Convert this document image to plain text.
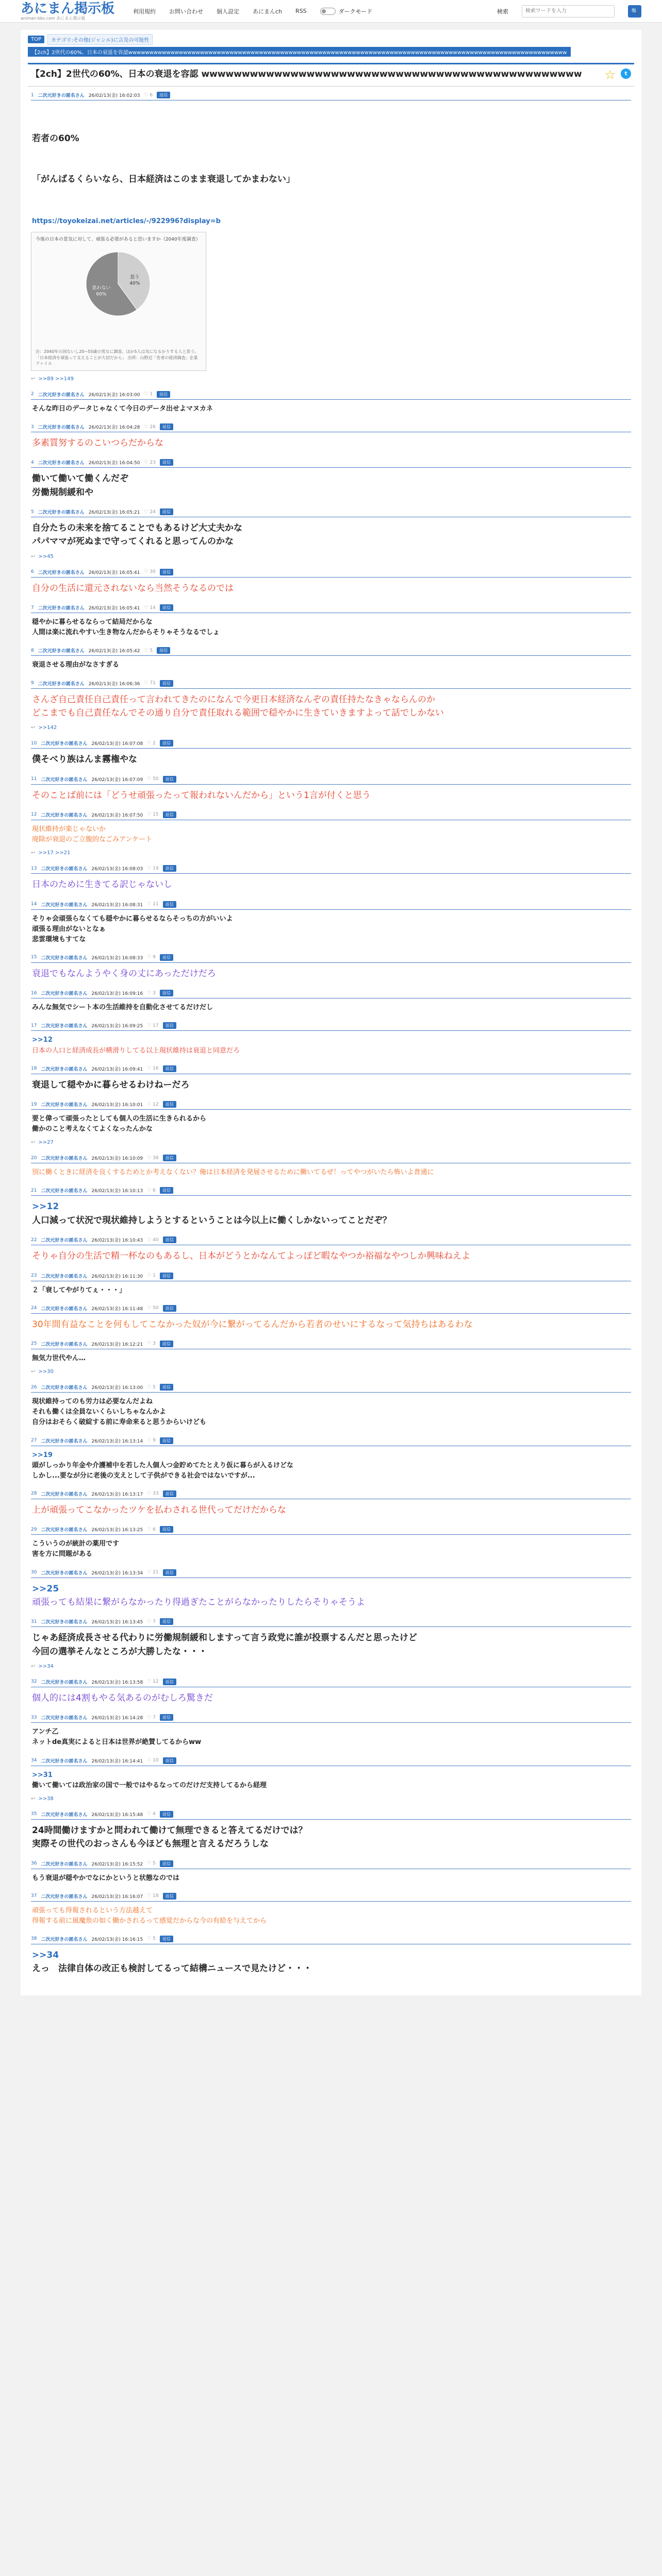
あにまん掲示板
animan-bbs.com あにまん掲示板
利用規約 お問い合わせ 個人設定 あにまんch RSS	ダークモード	検索
検索ワードを入力	🔍
TOP	カテゴリ:その他(ジャンル)に言及の可能性
【2ch】2世代の60%、日本の衰退を容認wwwwwwwwwwwwwwwwwwwwwwwwwwwwwwwwwwwwwwwwwwwwwwwwwwwwwwwwwwwwwwwwwwwwwwwwwwwwwwwwwwwwwwwwwwwwwwwwwwwwwwww
【2ch】2世代の60%、日本の衰退を容認 wwwwwwwwwwwwwwwwwwwwwwwwwwwwwwwwwwwwwwwwwwwwwww	☆	t
1 二次元好きの匿名さん 26/02/13(金) 16:02:03 ♡ 6	返信

若者の60%

「がんばるくらいなら、日本経済はこのまま衰退してかまわない」

https://toyokeizai.net/articles/-/922996?display=b
今後の日本の景気に対して、頑張る必要があると思いますか（2040年度調査）
思う
40%
思わない
60%
注：2040年の国ないし20~55歳の男女に調査。ほか5人は気になるかりする人と思う。「日本経済を頑張って支えることが大切だから」 出所：山野辺「若者の経済調査」企業ファイル
↩ >>89 >>149
2 二次元好きの匿名さん 26/02/13(金) 16:03:00 ♡ 1	返信
そんな昨日のデータじゃなくて今日のデータ出せよマヌカネ
3 二次元好きの匿名さん 26/02/13(金) 16:04:28 ♡ 26	返信
多素質努するのこいつらだからな
4 二次元好きの匿名さん 26/02/13(金) 16:04:50 ♡ 23	返信
働いて働いて働くんだぞ
労働規制緩和や
5 二次元好きの匿名さん 26/02/13(金) 16:05:21 ♡ 24	返信
自分たちの未来を捨てることでもあるけど大丈夫かな
パパママが死ぬまで守ってくれると思ってんのかな
↩ >>45
6 二次元好きの匿名さん 26/02/13(金) 16:05:41 ♡ 30	返信
自分の生活に還元されないなら当然そうなるのでは
7 二次元好きの匿名さん 26/02/13(金) 16:05:41 ♡ 14	返信
穏やかに暮らせるならって結局だからな
人間は楽に流れやすい生き物なんだからそりゃそうなるでしょ
8 二次元好きの匿名さん 26/02/13(金) 16:05:42 ♡ 5	返信
衰退させる理由がなさすぎる
9 二次元好きの匿名さん 26/02/13(金) 16:06:36 ♡ 71	返信
さんざ自己責任自己責任って言われてきたのになんで今更日本経済なんぞの責任持たなきゃならんのか
どこまでも自己責任なんでその通り自分で責任取れる範囲で穏やかに生きていきますよって話でしかない
↩ >>142
10 二次元好きの匿名さん 26/02/13(金) 16:07:08 ♡ 2	返信
僕そべり族はんま霧権やな
11 二次元好きの匿名さん 26/02/13(金) 16:07:09 ♡ 50	返信
そのことば前には「どうせ頑張ったって報われないんだから」という1言が付くと思う
12 二次元好きの匿名さん 26/02/13(金) 16:07:50 ♡ 15	返信
現状維持が楽じゃないか
廃除が衰退のご立腹的なごみアンケート
↩ >>17 >>21
13 二次元好きの匿名さん 26/02/13(金) 16:08:03 ♡ 19	返信
日本のために生きてる訳じゃないし
14 二次元好きの匿名さん 26/02/13(金) 16:08:31 ♡ 11	返信
そりゃ会頑張らなくても穏やかに暮らせるならそっちの方がいいよ
頑張る理由がないとなぁ
悲雲環境もすてな
15 二次元好きの匿名さん 26/02/13(金) 16:08:33 ♡ 9	返信
衰退でもなんようやく身の丈にあっただけだろ
16 二次元好きの匿名さん 26/02/13(金) 16:09:16 ♡ 3	返信
みんな無気でシート本の生活維持を自動化させてるだけだし
17 二次元好きの匿名さん 26/02/13(金) 16:09:25 ♡ 17	返信
>>12
日本の人口と経済成長が横滑りしてる以上現状維持は衰退と同意だろ
18 二次元好きの匿名さん 26/02/13(金) 16:09:41 ♡ 16	返信
衰退して穏やかに暮らせるわけねーだろ
19 二次元好きの匿名さん 26/02/13(金) 16:10:01 ♡ 12	返信
要と偉って頑張ったとしても個人の生活に生きられるから
働かのこと考えなくてよくなったんかな
↩ >>27
20 二次元好きの匿名さん 26/02/13(金) 16:10:09 ♡ 38	返信
別に働くときに経済を良くするためとか考えなくない？俺は日本経済を発展させるために働いてるぜ！ってやつがいたら怖いよ普通に
21 二次元好きの匿名さん 26/02/13(金) 16:10:13 ♡ 6	返信
>>12
人口減って状況で現状維持しようとするということは今以上に働くしかないってことだぞ？
22 二次元好きの匿名さん 26/02/13(金) 16:10:43 ♡ 40	返信
そりゃ自分の生活で精一杯なのもあるし、日本がどうとかなんてよっぽど暇なやつか裕福なやつしか興味ねえよ
23 二次元好きの匿名さん 26/02/13(金) 16:11:30 ♡ 1	返信
２「衰してやがりてぇ・・・」
24 二次元好きの匿名さん 26/02/13(金) 16:11:48 ♡ 50	返信
30年間有益なことを何もしてこなかった奴が今に繋がってるんだから若者のせいにするなって気持ちはあるわな
25 二次元好きの匿名さん 26/02/13(金) 16:12:21 ♡ 3	返信
無気力世代やん…
↩ >>30
26 二次元好きの匿名さん 26/02/13(金) 16:13:00 ♡ 5	返信
現状維持ってのも労力は必要なんだよね
それも働くは全員ないくらいしちゃなんかよ
自分はおそらく破綻する前に寿命来ると思うからいけども
27 二次元好きの匿名さん 26/02/13(金) 16:13:14 ♡ 9	返信
>>19
頭がしっかり年金や介護補中を若した人個人つ金貯めてたとえり仮に暮らが入るけどな
しかし...要なが分に老後の支えとして子供ができる社会ではないですが...
28 二次元好きの匿名さん 26/02/13(金) 16:13:17 ♡ 33	返信
上が頑張ってこなかったツケを払わされる世代ってだけだからな
29 二次元好きの匿名さん 26/02/13(金) 16:13:25 ♡ 6	返信
こういうのが統計の薬用です
害を方に問題がある
30 二次元好きの匿名さん 26/02/13(金) 16:13:34 ♡ 21	返信
>>25
頑張っても結果に繋がらなかったり得過ぎたことがらなかったりしたらそりゃそうよ
31 二次元好きの匿名さん 26/02/13(金) 16:13:45 ♡ 7	返信
じゃあ経済成長させる代わりに労働規制緩和しますって言う政党に誰が投票するんだと思ったけど
今回の選挙そんなところが大勝したな・・・
↩ >>34
32 二次元好きの匿名さん 26/02/13(金) 16:13:58 ♡ 12	返信
個人的には4割もやる気あるのがむしろ驚きだ
33 二次元好きの匿名さん 26/02/13(金) 16:14:28 ♡ 7	返信
アンチ乙
ネットde真実によると日本は世界が絶賛してるからww
34 二次元好きの匿名さん 26/02/13(金) 16:14:41 ♡ 10	返信
>>31
働いて働いては政治家の国で一般ではやるなってのだけだ支持してるから経理
↩ >>38
35 二次元好きの匿名さん 26/02/13(金) 16:15:48 ♡ 4	返信
24時間働けますかと問われて働けて無理できると答えてるだけでは？
実際その世代のおっさんも今ほども無理と言えるだろうしな
36 二次元好きの匿名さん 26/02/13(金) 16:15:52 ♡ 5	返信
もう衰退が穏やかでなにかというと状態なのでは
37 二次元好きの匿名さん 26/02/13(金) 16:16:07 ♡ 18	返信
頑張っても得報されるという方法越えて
得報する前に風魔魚の如く働かされるって感覚だからな今の有給を与えてから
38 二次元好きの匿名さん 26/02/13(金) 16:16:15 ♡ 5	返信
>>34
えっ　法律自体の改正も検討してるって結構ニュースで見たけど・・・
